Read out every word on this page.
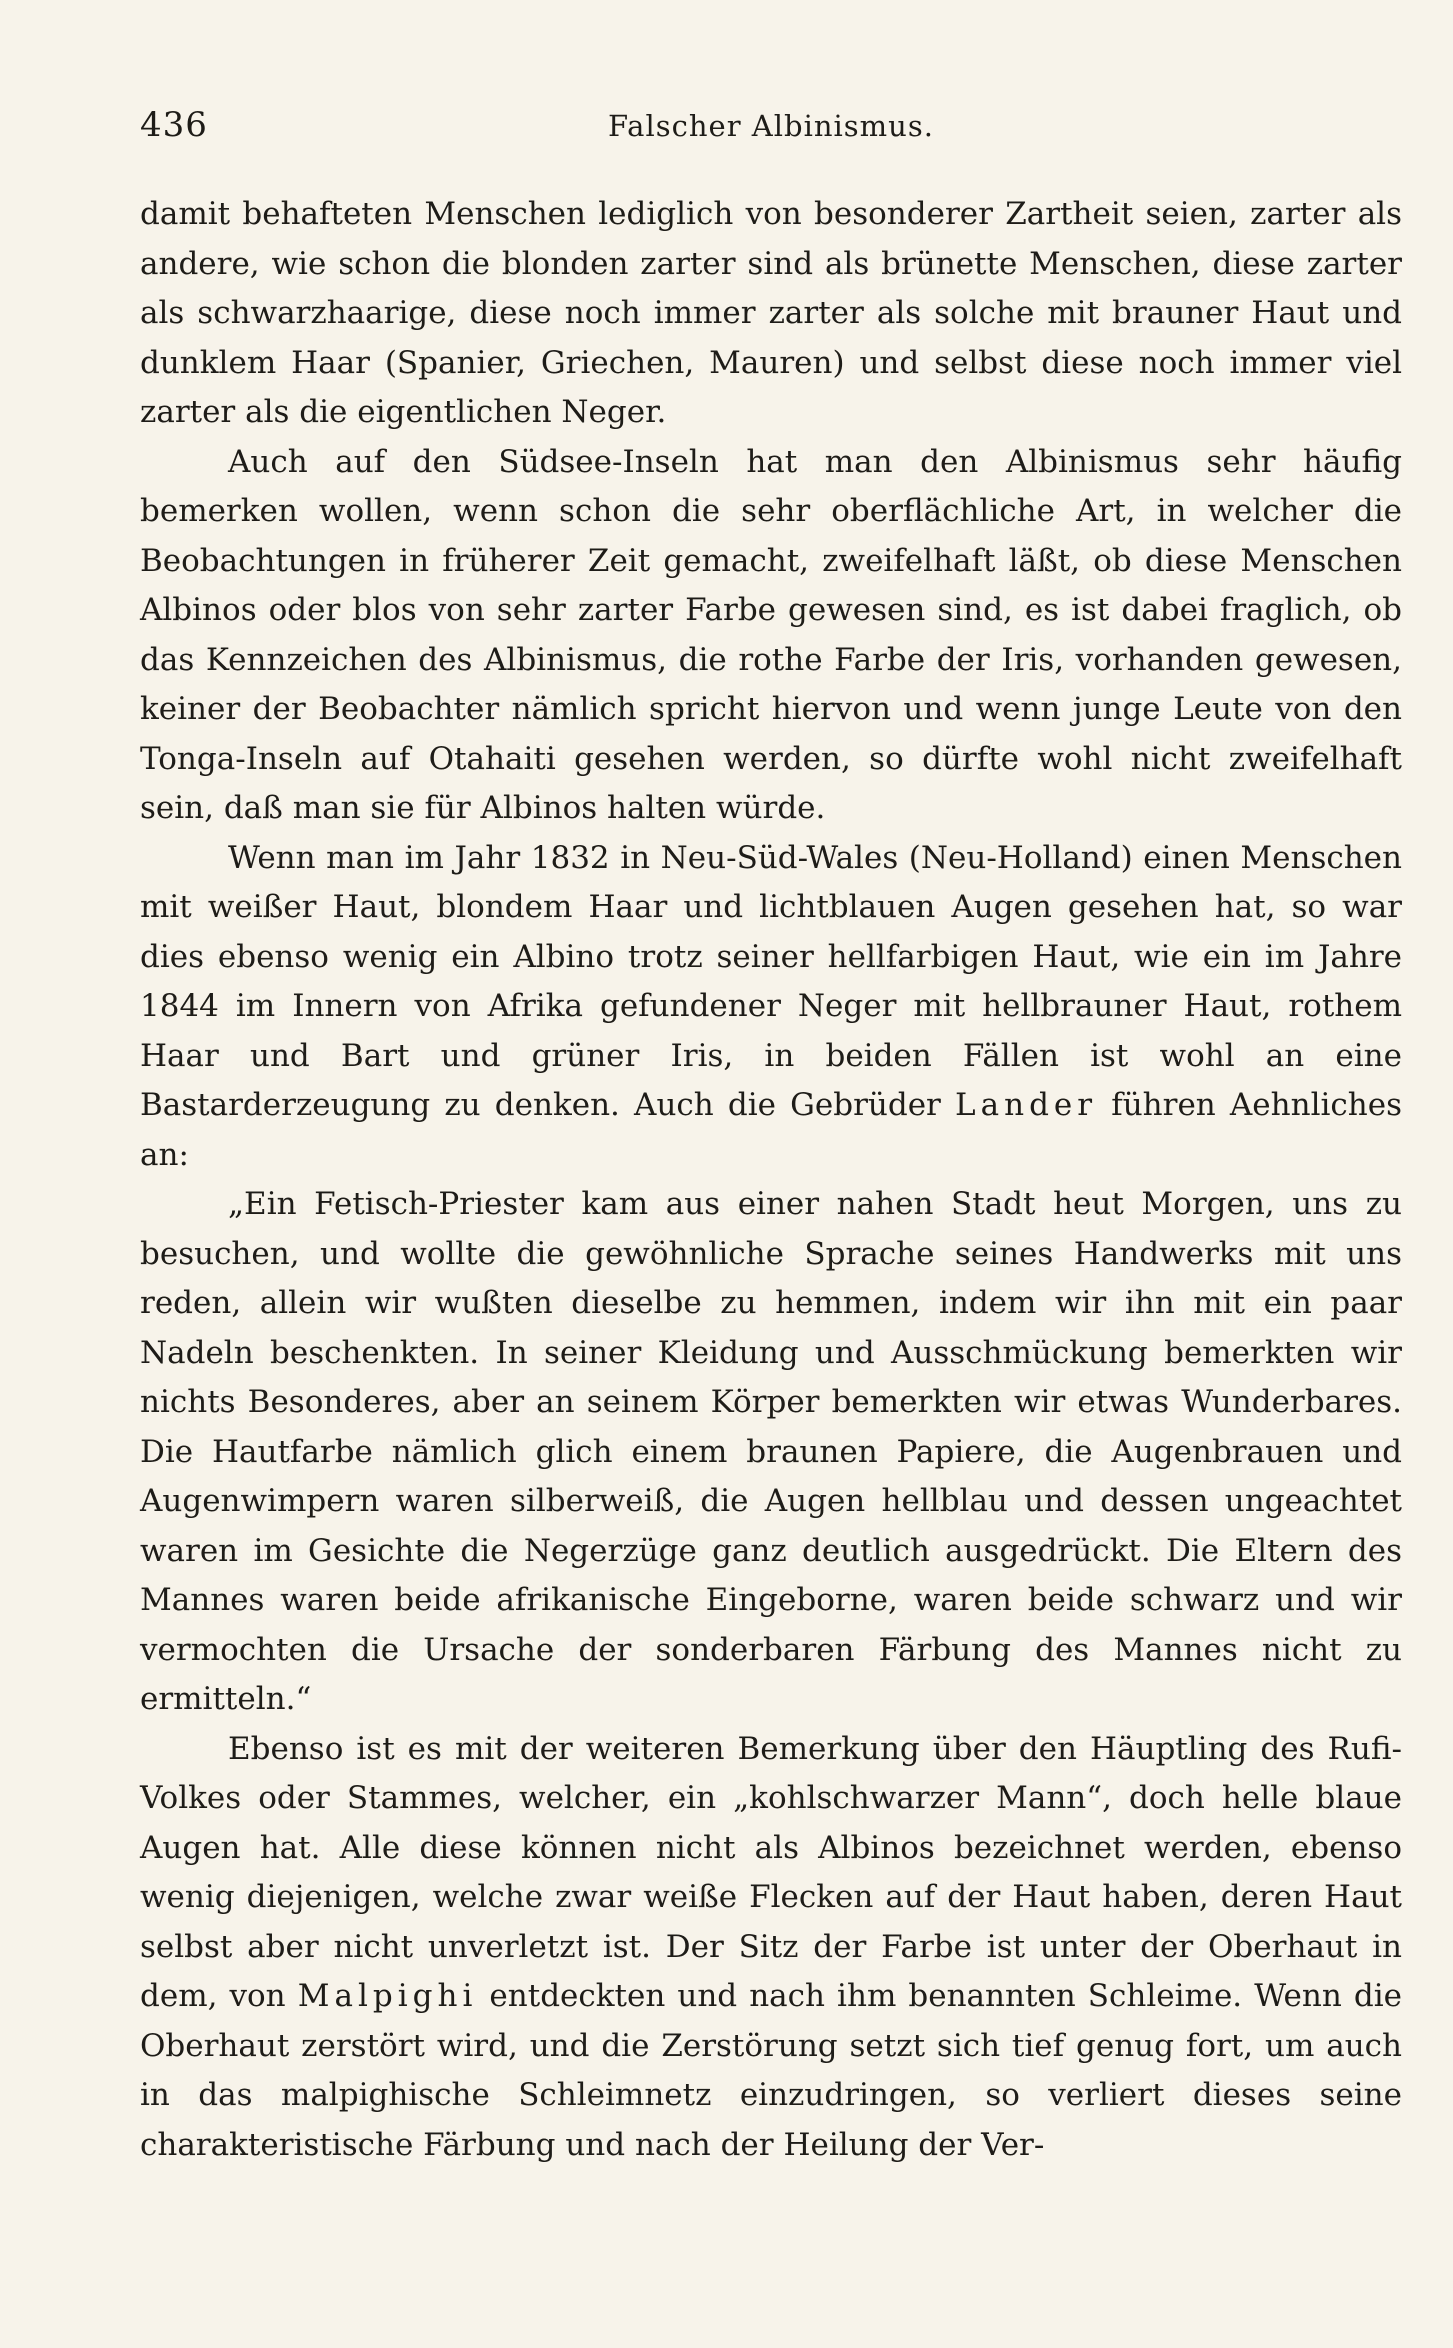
436	Falscher Albinismus.

damit behafteten Menschen lediglich von besonderer Zartheit seien, zarter als andere, wie schon die blonden zarter sind als brünette Menschen, diese zarter als schwarzhaarige, diese noch immer zarter als solche mit brauner Haut und dunklem Haar (Spanier, Griechen, Mauren) und selbst diese noch immer viel zarter als die eigentlichen Neger.

Auch auf den Südsee-Inseln hat man den Albinismus sehr häufig bemerken wollen, wenn schon die sehr oberflächliche Art, in welcher die Beobachtungen in früherer Zeit gemacht, zweifelhaft läßt, ob diese Menschen Albinos oder blos von sehr zarter Farbe gewesen sind, es ist dabei fraglich, ob das Kennzeichen des Albinismus, die rothe Farbe der Iris, vorhanden gewesen, keiner der Beobachter nämlich spricht hiervon und wenn junge Leute von den Tonga-Inseln auf Otahaiti gesehen werden, so dürfte wohl nicht zweifelhaft sein, daß man sie für Albinos halten würde.

Wenn man im Jahr 1832 in Neu-Süd-Wales (Neu-Holland) einen Menschen mit weißer Haut, blondem Haar und lichtblauen Augen gesehen hat, so war dies ebenso wenig ein Albino trotz seiner hellfarbigen Haut, wie ein im Jahre 1844 im Innern von Afrika gefundener Neger mit hellbrauner Haut, rothem Haar und Bart und grüner Iris, in beiden Fällen ist wohl an eine Bastarderzeugung zu denken. Auch die Gebrüder Lander führen Aehnliches an:

„Ein Fetisch-Priester kam aus einer nahen Stadt heut Morgen, uns zu besuchen, und wollte die gewöhnliche Sprache seines Handwerks mit uns reden, allein wir wußten dieselbe zu hemmen, indem wir ihn mit ein paar Nadeln beschenkten. In seiner Kleidung und Ausschmückung bemerkten wir nichts Besonderes, aber an seinem Körper bemerkten wir etwas Wunderbares. Die Hautfarbe nämlich glich einem braunen Papiere, die Augenbrauen und Augenwimpern waren silberweiß, die Augen hellblau und dessen ungeachtet waren im Gesichte die Negerzüge ganz deutlich ausgedrückt. Die Eltern des Mannes waren beide afrikanische Eingeborne, waren beide schwarz und wir vermochten die Ursache der sonderbaren Färbung des Mannes nicht zu ermitteln.“

Ebenso ist es mit der weiteren Bemerkung über den Häuptling des Rufi-Volkes oder Stammes, welcher, ein „kohlschwarzer Mann“, doch helle blaue Augen hat. Alle diese können nicht als Albinos bezeichnet werden, ebenso wenig diejenigen, welche zwar weiße Flecken auf der Haut haben, deren Haut selbst aber nicht unverletzt ist. Der Sitz der Farbe ist unter der Oberhaut in dem, von Malpighi entdeckten und nach ihm benannten Schleime. Wenn die Oberhaut zerstört wird, und die Zerstörung setzt sich tief genug fort, um auch in das malpighische Schleimnetz einzudringen, so verliert dieses seine charakteristische Färbung und nach der Heilung der Ver-
